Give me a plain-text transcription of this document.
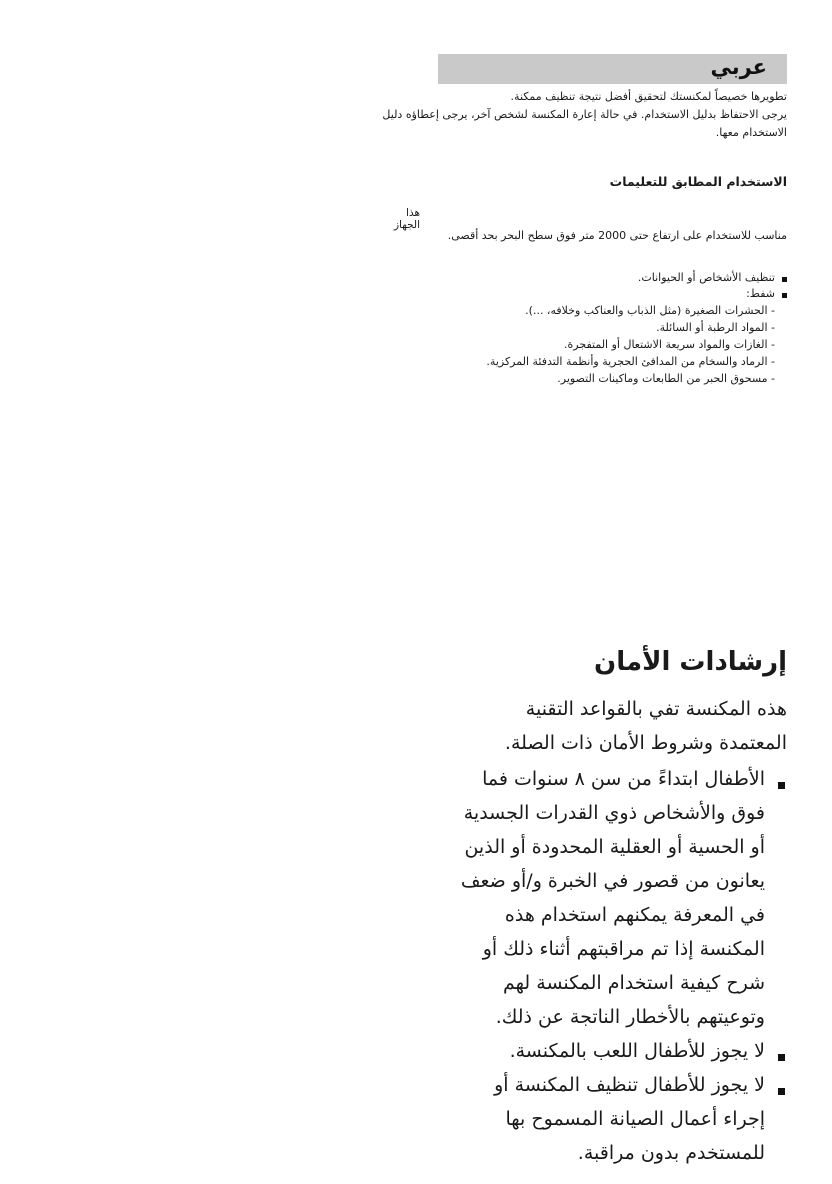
عربي

تطويرها خصيصاً لمكنستك لتحقيق أفضل نتيجة تنظيف ممكنة.

يرجى الاحتفاظ بدليل الاستخدام. في حالة إعارة المكنسة لشخص آخر، يرجى إعطاؤه دليل الاستخدام معها.

الاستخدام المطابق للتعليمات

هذا الجهاز

مناسب للاستخدام على ارتفاع حتى 2000 متر فوق سطح البحر بحد أقصى.

تنظيف الأشخاص أو الحيوانات.
شفط:
- الحشرات الصغيرة (مثل الذباب والعناكب وخلافه، ...).
- المواد الرطبة أو السائلة.
- الغازات والمواد سريعة الاشتعال أو المتفجرة.
- الرماد والسخام من المدافئ الحجرية وأنظمة التدفئة المركزية.
- مسحوق الحبر من الطابعات وماكينات التصوير.
إرشادات الأمان

هذه المكنسة تفي بالقواعد التقنية المعتمدة وشروط الأمان ذات الصلة.

الأطفال ابتداءً من سن ٨ سنوات فما فوق والأشخاص ذوي القدرات الجسدية أو الحسية أو العقلية المحدودة أو الذين يعانون من قصور في الخبرة و/أو ضعف في المعرفة يمكنهم استخدام هذه المكنسة إذا تم مراقبتهم أثناء ذلك أو شرح كيفية استخدام المكنسة لهم وتوعيتهم بالأخطار الناتجة عن ذلك.
لا يجوز للأطفال اللعب بالمكنسة.
لا يجوز للأطفال تنظيف المكنسة أو إجراء أعمال الصيانة المسموح بها للمستخدم بدون مراقبة.
